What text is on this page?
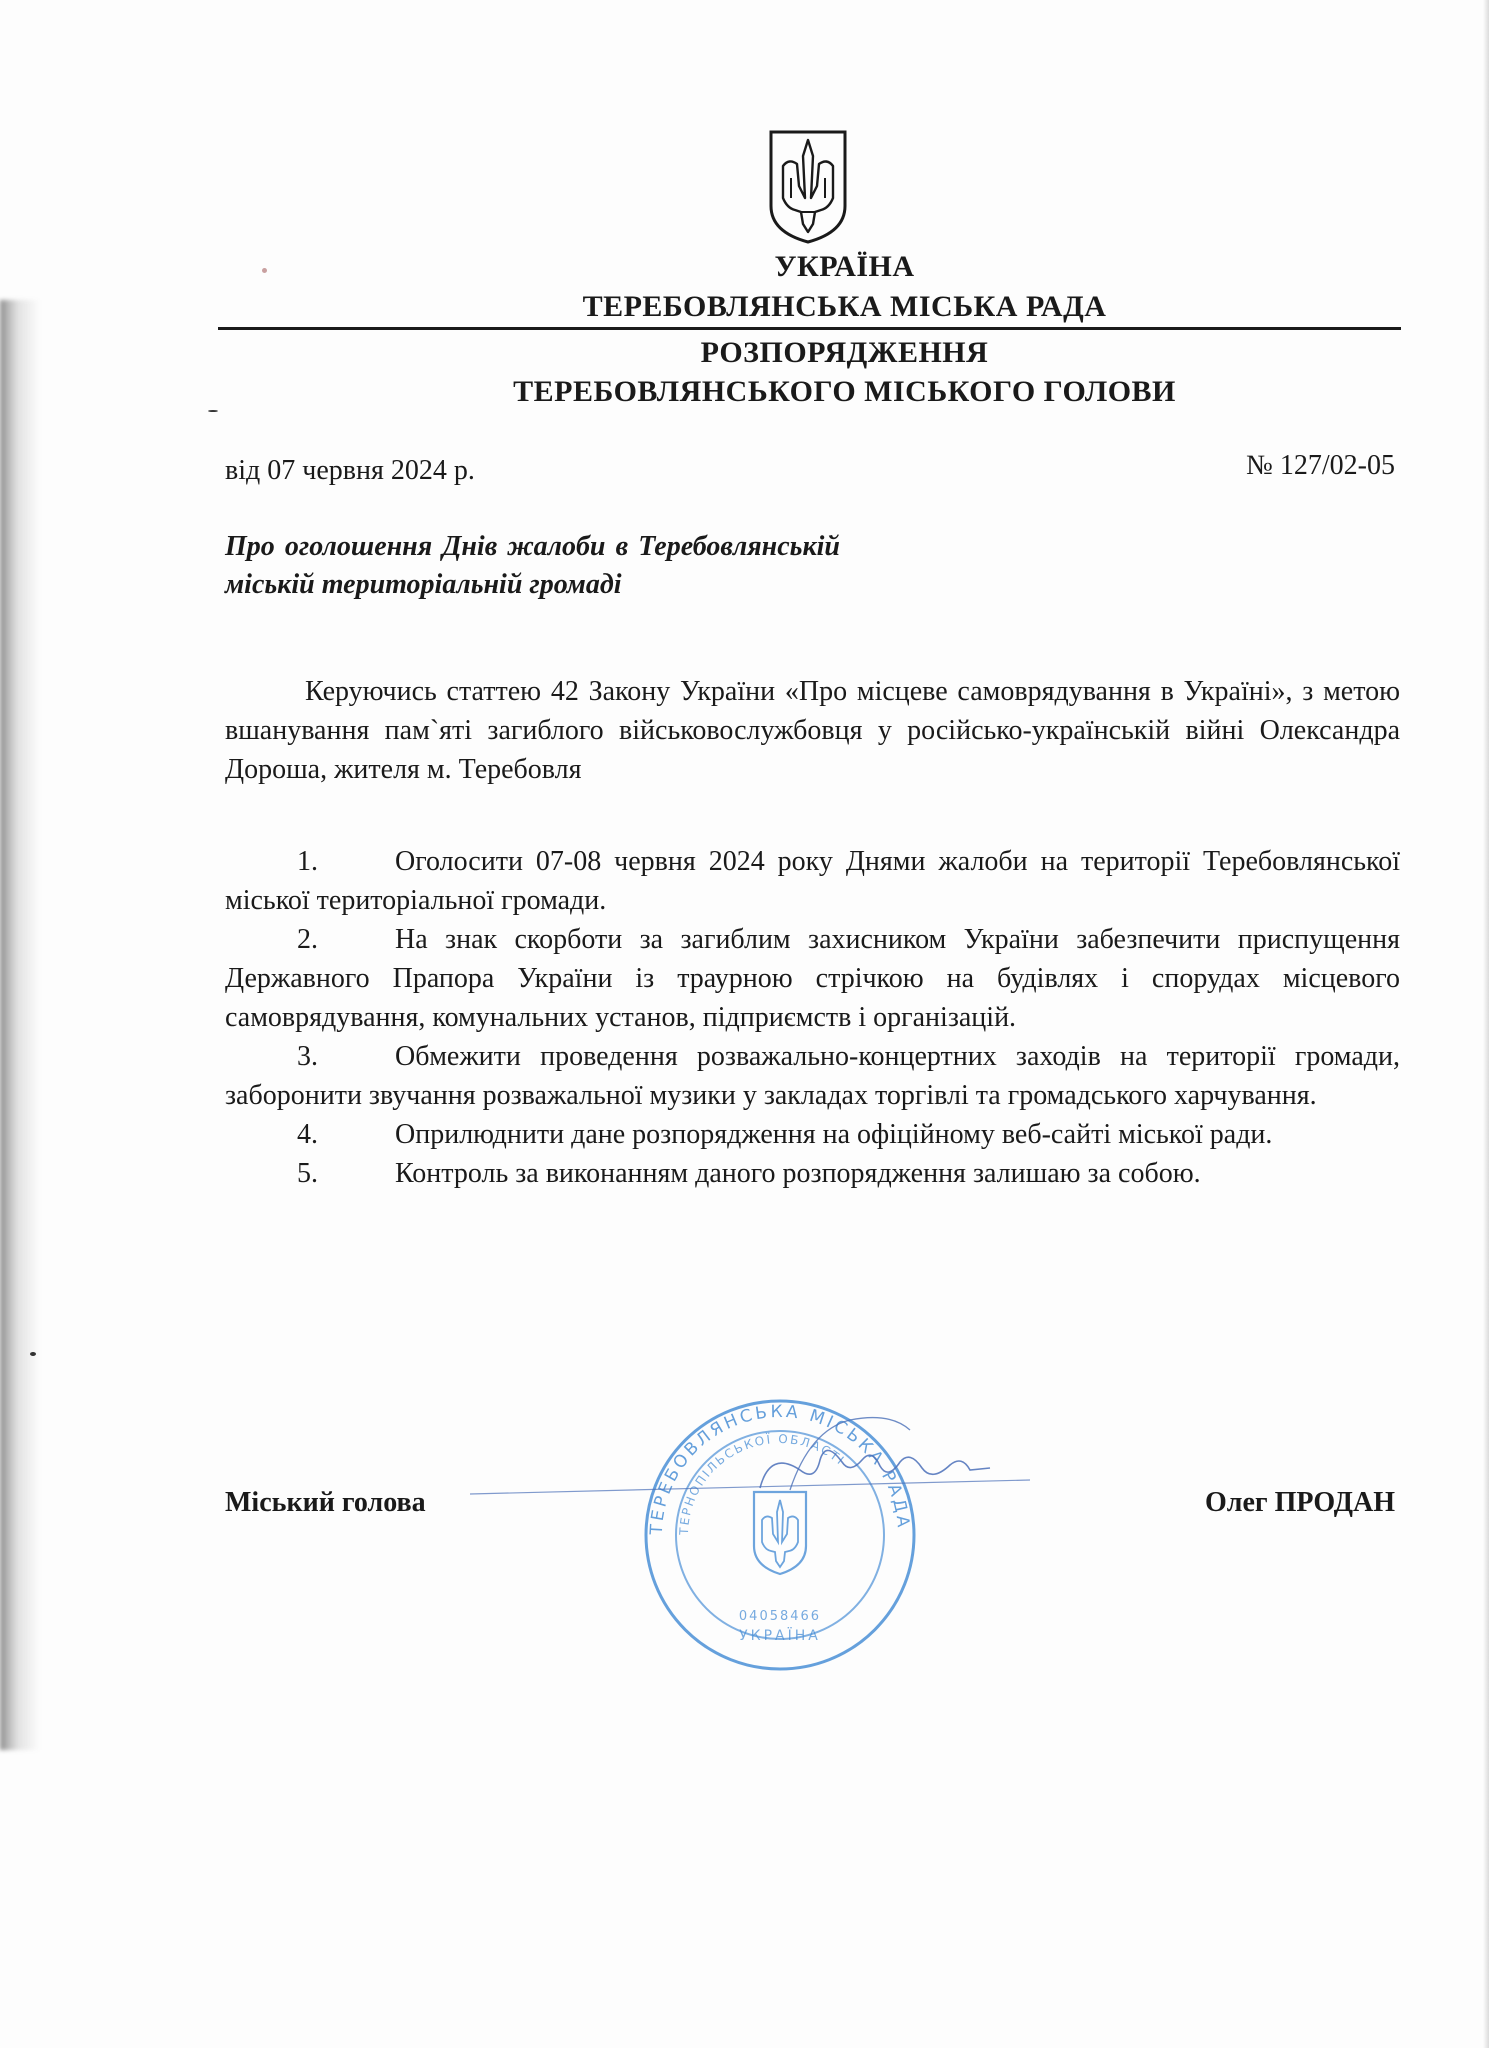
УКРАЇНА
ТЕРЕБОВЛЯНСЬКА МІСЬКА РАДА
РОЗПОРЯДЖЕННЯ
ТЕРЕБОВЛЯНСЬКОГО МІСЬКОГО ГОЛОВИ
від 07 червня 2024 р.	№ 127/02-05
Про оголошення Днів жалоби в Теребовлянській міській територіальній громаді
Керуючись статтею 42 Закону України «Про місцеве самоврядування в Україні», з метою вшанування пам`яті загиблого військовослужбовця у російсько-українській війні Олександра Дороша, жителя м. Теребовля
1.	Оголосити 07-08 червня 2024 року Днями жалоби на території Теребовлянської міської територіальної громади.
2.	На знак скорботи за загиблим захисником України забезпечити приспущення Державного Прапора України із траурною стрічкою на будівлях і спорудах місцевого самоврядування, комунальних установ, підприємств і організацій.
3.	Обмежити проведення розважально-концертних заходів на території громади, заборонити звучання розважальної музики у закладах торгівлі та громадського харчування.
4.	Оприлюднити дане розпорядження на офіційному веб-сайті міської ради.
5.	Контроль за виконанням даного розпорядження залишаю за собою.
ТЕРЕБОВЛЯНСЬКА МІСЬКА РАДА
ТЕРНОПІЛЬСЬКОЇ ОБЛАСТІ
04058466
УКРАЇНА
Міський голова	Олег ПРОДАН
